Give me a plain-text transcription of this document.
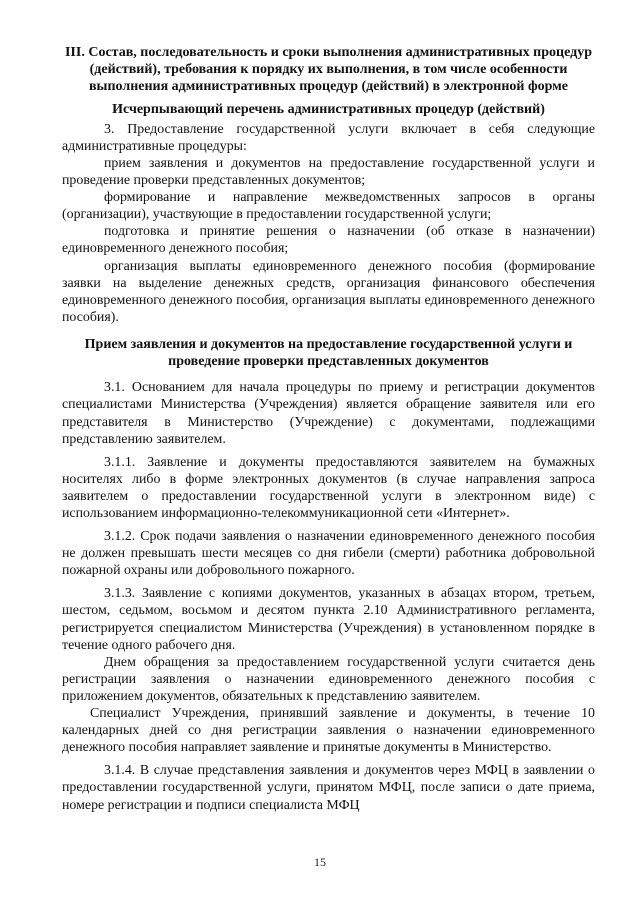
III. Состав, последовательность и сроки выполнения административных процедур (действий), требования к порядку их выполнения, в том числе особенности выполнения административных процедур (действий) в электронной форме
Исчерпывающий перечень административных процедур (действий)

3. Предоставление государственной услуги включает в себя следующие административные процедуры:

прием заявления и документов на предоставление государственной услуги и проведение проверки представленных документов;

формирование и направление межведомственных запросов в органы (организации), участвующие в предоставлении государственной услуги;

подготовка и принятие решения о назначении (об отказе в назначении) единовременного денежного пособия;

организация выплаты единовременного денежного пособия (формирование заявки на выделение денежных средств, организация финансового обеспечения единовременного денежного пособия, организация выплаты единовременного денежного пособия).

Прием заявления и документов на предоставление государственной услуги и проведение проверки представленных документов

3.1. Основанием для начала процедуры по приему и регистрации документов специалистами Министерства (Учреждения) является обращение заявителя или его представителя в Министерство (Учреждение) с документами, подлежащими представлению заявителем.

3.1.1. Заявление и документы предоставляются заявителем на бумажных носителях либо в форме электронных документов (в случае направления запроса заявителем о предоставлении государственной услуги в электронном виде) с использованием информационно-телекоммуникационной сети «Интернет».

3.1.2. Срок подачи заявления о назначении единовременного денежного пособия не должен превышать шести месяцев со дня гибели (смерти) работника добровольной пожарной охраны или добровольного пожарного.

3.1.3. Заявление с копиями документов, указанных в абзацах втором, третьем, шестом, седьмом, восьмом и десятом пункта 2.10 Административного регламента, регистрируется специалистом Министерства (Учреждения) в установленном порядке в течение одного рабочего дня.

Днем обращения за предоставлением государственной услуги считается день регистрации заявления о назначении единовременного денежного пособия с приложением документов, обязательных к представлению заявителем.

Специалист Учреждения, принявший заявление и документы, в течение 10 календарных дней со дня регистрации заявления о назначении единовременного денежного пособия направляет заявление и принятые документы в Министерство.

3.1.4. В случае представления заявления и документов через МФЦ в заявлении о предоставлении государственной услуги, принятом МФЦ, после записи о дате приема, номере регистрации и подписи специалиста МФЦ

15
